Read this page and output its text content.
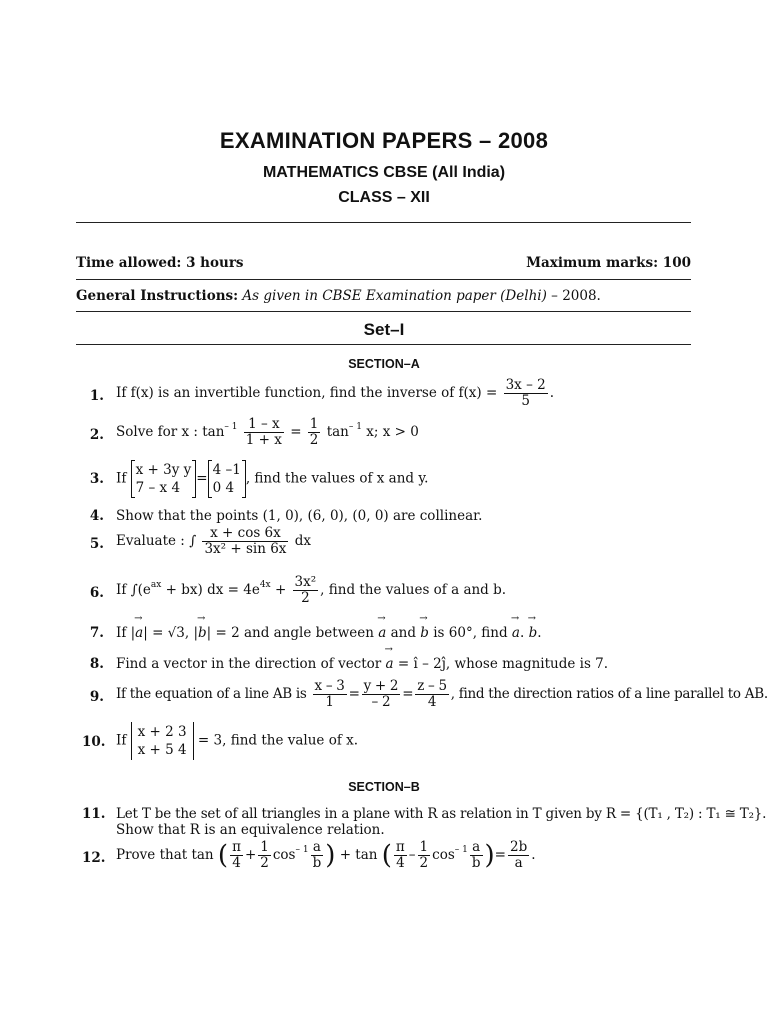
EXAMINATION PAPERS – 2008
MATHEMATICS CBSE (All India)
CLASS – XII
Time allowed: 3 hours	Maximum marks: 100
General Instructions: As given in CBSE Examination paper (Delhi) – 2008.
Set–I
SECTION–A
1. If f(x) is an invertible function, find the inverse of $f(x) = \frac{3x - 2}{5}$ .
2. Solve for x : $\tan^{- 1} \frac{1 - x}{1 + x} = \frac{1}{2} \tan^{- 1} x$; x > 0
3. If
x + 3y y
7 – x 4
=
4 –1
0 4
, find the values of x and y.
4. Show that the points (1, 0), (6, 0), (0, 0) are collinear.
5. Evaluate : ∫ $\frac{x + \cos 6x}{\text{3x² + sin 6x}}$ dx
6. If $\int(e^{ax} + bx)$ dx = $4e^{4x} + \frac{\text{3x²}}{2}$ , find the values of a and b.
7. If |→ a| = √3, |→ b| = 2 and angle between → a and → b is 60°, find → a. → b.
8. Find a vector in the direction of vector → a = î – 2ĵ, whose magnitude is 7.
9. If the equation of a line AB is $\frac{x - 3}{1} = \frac{y + 2}{- 2} = \frac{z - 5}{4}$ , find the direction ratios of a line parallel to AB.
10. If
x + 2 3
x + 5 4
= 3, find the value of x.
SECTION–B
11. Let T be the set of all triangles in a plane with R as relation in T given by R = {(T₁ , T₂) : T₁ ≅ T₂}.
Show that R is an equivalence relation.
12. Prove that tan ( $\frac{\pi}{4} + \frac{1}{2} \cos^{- 1} \frac{a}{b}$ ) + tan ( $\frac{\pi}{4} - \frac{1}{2} \cos^{- 1} \frac{a}{b}$ )= $\frac{2b}{a}$ .
